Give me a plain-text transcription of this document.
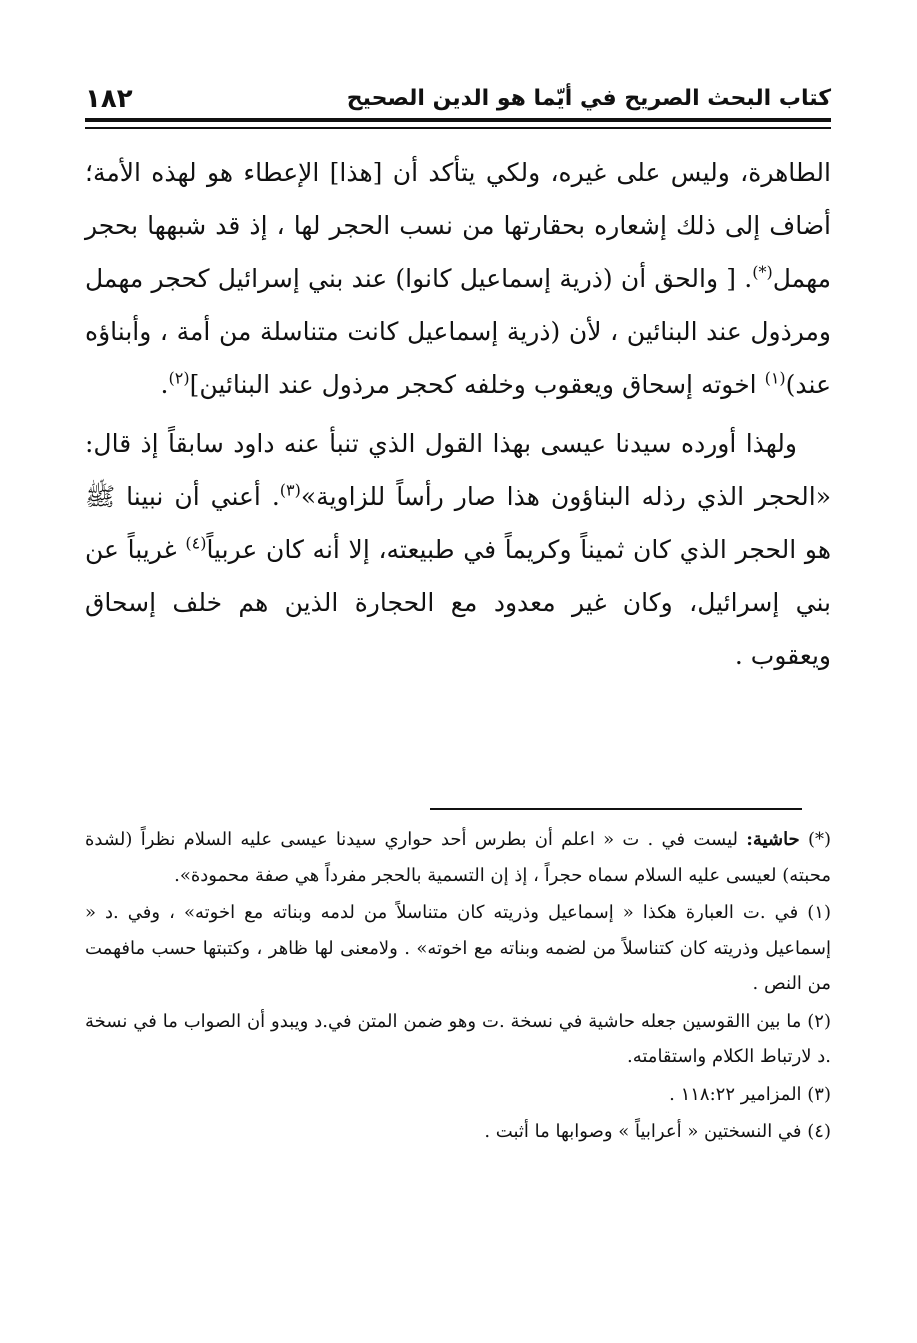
كتاب البحث الصريح في أيّما هو الدين الصحيح
١٨٢

الطاهرة، وليس على غيره، ولكي يتأكد أن [هذا] الإعطاء هو لهذه الأمة؛ أضاف إلى ذلك إشعاره بحقارتها من نسب الحجر لها ، إذ قد شبهها بحجر مهمل(*). [ والحق أن (ذرية إسماعيل كانوا) عند بني إسرائيل كحجر مهمل ومرذول عند البنائين ، لأن (ذرية إسماعيل كانت متناسلة من أمة ، وأبناؤه عند)$^{(١)}$ اخوته إسحاق ويعقوب وخلفه كحجر مرذول عند البنائين]$^{(٢)}$.

ولهذا أورده سيدنا عيسى بهذا القول الذي تنبأ عنه داود سابقاً إذ قال: «الحجر الذي رذله البناؤون هذا صار رأساً للزاوية»$^{(٣)}$. أعني أن نبينا ﷺ هو الحجر الذي كان ثميناً وكريماً في طبيعته، إلا أنه كان عربياً$^{(٤)}$ غريباً عن بني إسرائيل، وكان غير معدود مع الحجارة الذين هم خلف إسحاق ويعقوب .

(*) حاشية: ليست في . ت « اعلم أن بطرس أحد حواري سيدنا عيسى عليه السلام نظراً (لشدة محبته) لعيسى عليه السلام سماه حجراً ، إذ إن التسمية بالحجر مفرداً هي صفة محمودة».

(١) في .ت العبارة هكذا « إسماعيل وذريته كان متناسلاً من لدمه وبناته مع اخوته» ، وفي .د « إسماعيل وذريته كان كتناسلاً من لضمه وبناته مع اخوته» . ولامعنى لها ظاهر ، وكتبتها حسب مافهمت من النص .

(٢) ما بين االقوسين جعله حاشية في نسخة .ت وهو ضمن المتن في.د ويبدو أن الصواب ما في نسخة .د لارتباط الكلام واستقامته.

(٣) المزامير ١١٨:٢٢ .

(٤) في النسختين « أعرابياً » وصوابها ما أثبت .
